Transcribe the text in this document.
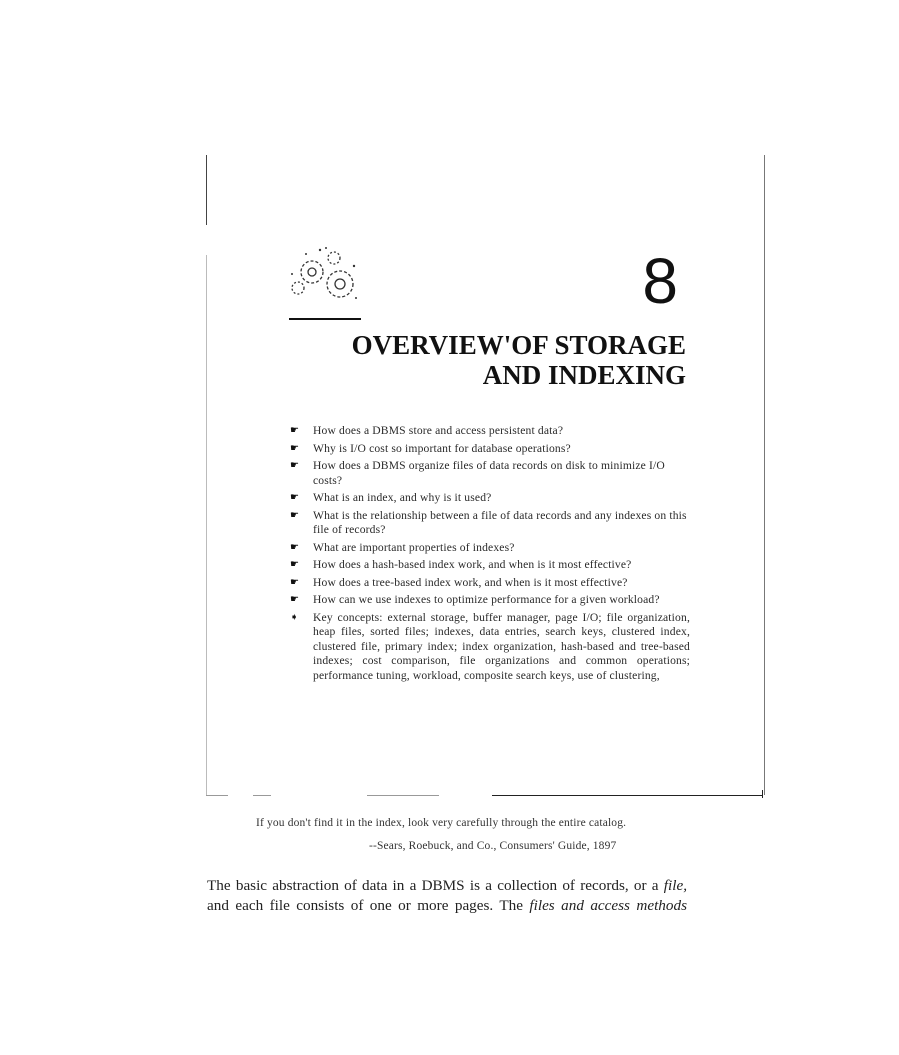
8
OVERVIEW'OF STORAGE
AND INDEXING
☛ How does a DBMS store and access persistent data?
☛ Why is I/O cost so important for database operations?
☛ How does a DBMS organize files of data records on disk to minimize I/O costs?
☛ What is an index, and why is it used?
☛ What is the relationship between a file of data records and any indexes on this file of records?
☛ What are important properties of indexes?
☛ How does a hash-based index work, and when is it most effective?
☛ How does a tree-based index work, and when is it most effective?
☛ How can we use indexes to optimize performance for a given workload?
➧ Key concepts: external storage, buffer manager, page I/O; file organization, heap files, sorted files; indexes, data entries, search keys, clustered index, clustered file, primary index; index organization, hash-based and tree-based indexes; cost comparison, file organizations and common operations; performance tuning, workload, composite search keys, use of clustering,
If you don't find it in the index, look very carefully through the entire catalog.
--Sears, Roebuck, and Co., Consumers' Guide, 1897
The basic abstraction of data in a DBMS is a collection of records, or a file,
and each file consists of one or more pages. The files and access methods
